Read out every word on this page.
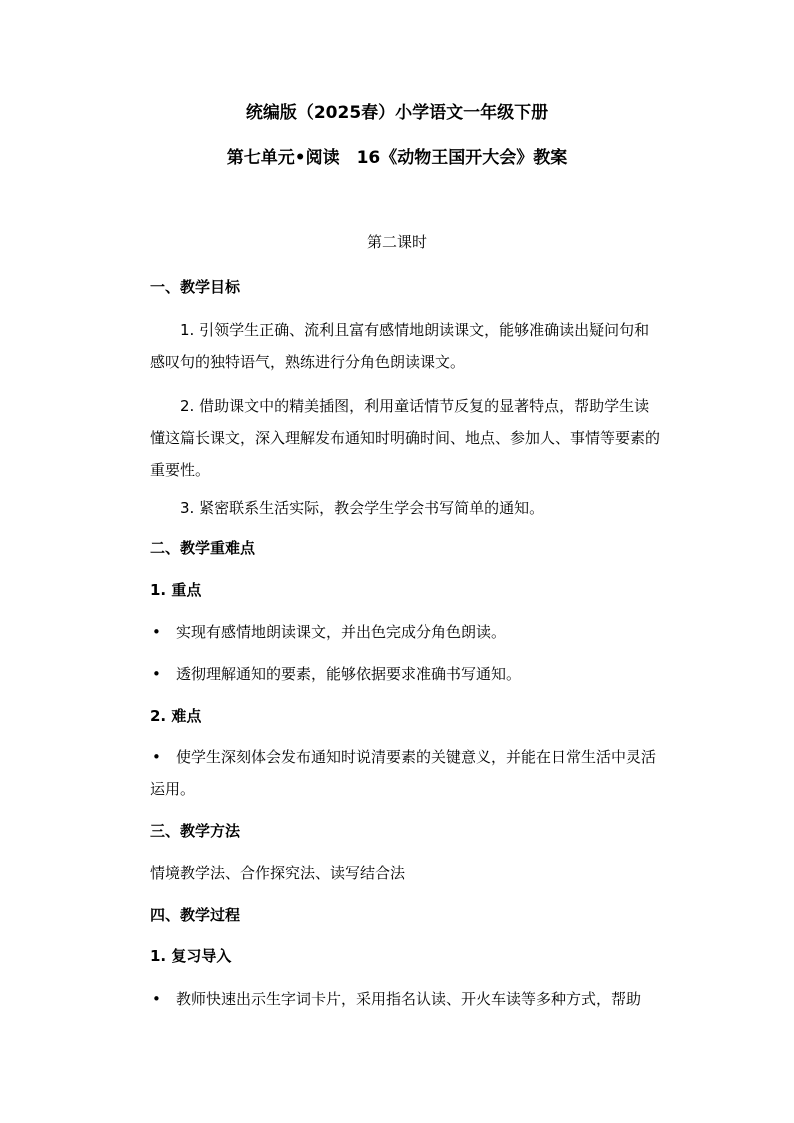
统编版（2025春）小学语文一年级下册

第七单元•阅读　16《动物王国开大会》教案

第二课时

一、教学目标

1. 引领学生正确、流利且富有感情地朗读课文，能够准确读出疑问句和感叹句的独特语气，熟练进行分角色朗读课文。

2. 借助课文中的精美插图，利用童话情节反复的显著特点，帮助学生读懂这篇长课文，深入理解发布通知时明确时间、地点、参加人、事情等要素的重要性。

3. 紧密联系生活实际，教会学生学会书写简单的通知。

二、教学重难点

1. 重点

• 实现有感情地朗读课文，并出色完成分角色朗读。

• 透彻理解通知的要素，能够依据要求准确书写通知。

2. 难点

• 使学生深刻体会发布通知时说清要素的关键意义，并能在日常生活中灵活运用。

三、教学方法

情境教学法、合作探究法、读写结合法

四、教学过程

1. 复习导入

• 教师快速出示生字词卡片，采用指名认读、开火车读等多种方式，帮助
